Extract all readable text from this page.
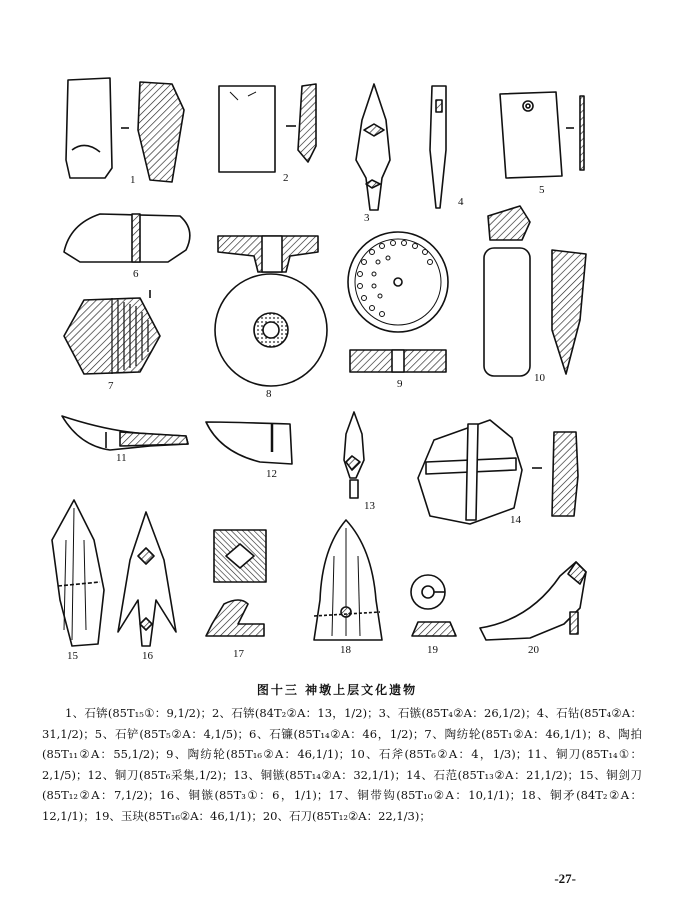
1	2
3
4
5
6
7
8
9	10
11
12
13
14
15	16	17	18	19	20
图十三 神墩上层文化遗物

1、石锛(85T₁₅①：9,1/2)；2、石锛(84T₂②A：13，1/2)；3、石镞(85T₄②A：26,1/2)；4、石钻(85T₄②A：31,1/2)；5、石铲(85T₅②A：4,1/5)；6、石镰(85T₁₄②A：46，1/2)；7、陶纺轮(85T₁②A：46,1/1)；8、陶拍(85T₁₁②A：55,1/2)；9、陶纺轮(85T₁₆②A：46,1/1)；10、石斧(85T₆②A：4，1/3)；11、铜刀(85T₁₄①：2,1/5)；12、铜刀(85T₆采集,1/2)；13、铜镞(85T₁₄②A：32,1/1)；14、石范(85T₁₃②A：21,1/2)；15、铜剑刀(85T₁₂②A：7,1/2)；16、铜镞(85T₃①：6，1/1)；17、铜带钩(85T₁₀②A：10,1/1)；18、铜矛(84T₂②A：12,1/1)；19、玉玦(85T₁₆②A：46,1/1)；20、石刀(85T₁₂②A：22,1/3)；

-27-
